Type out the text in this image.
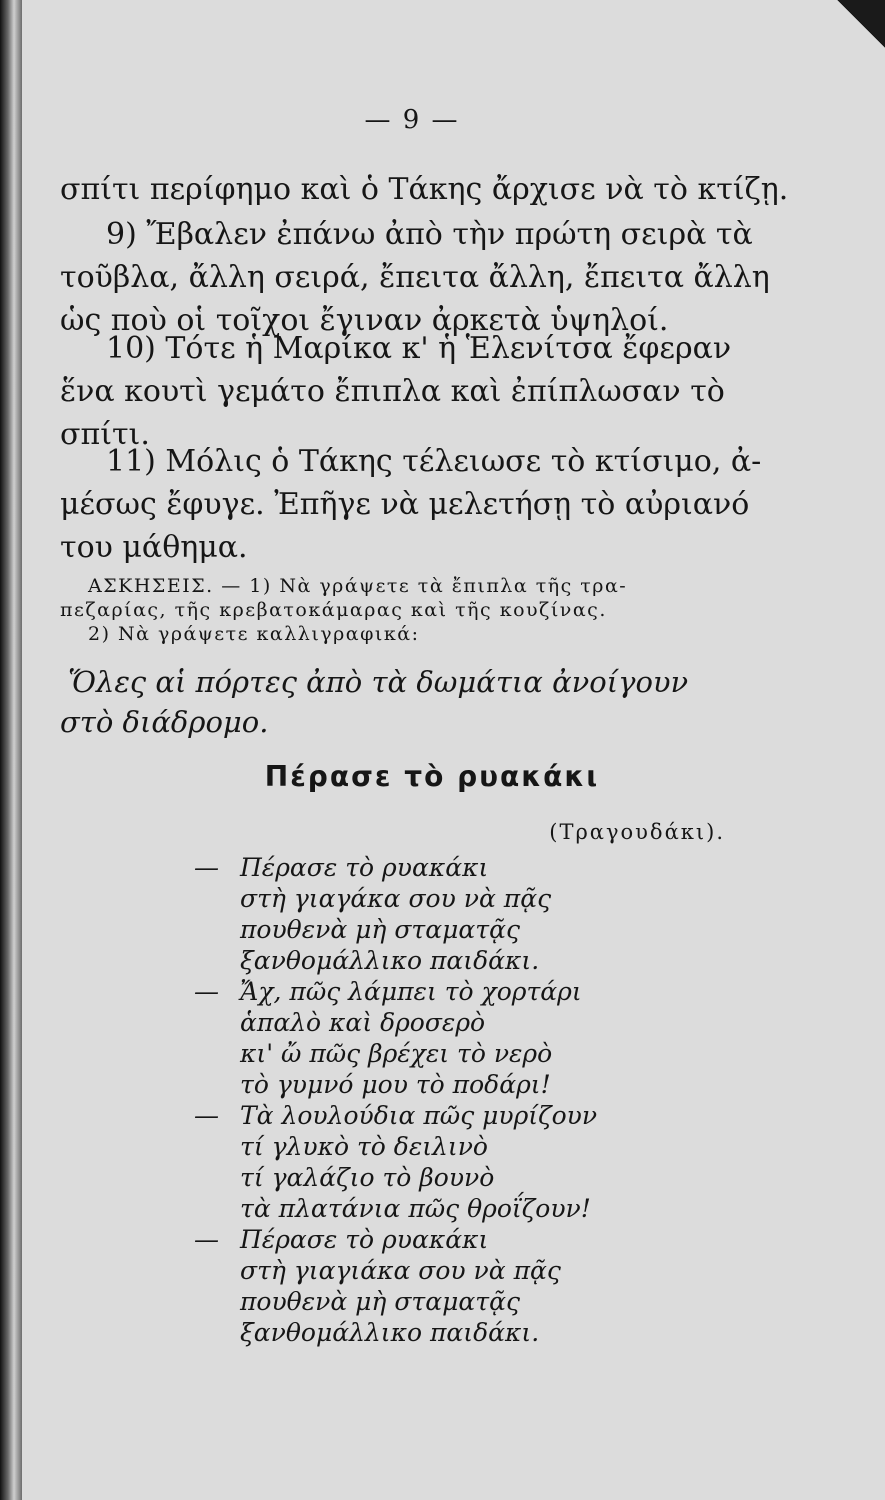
— 9 —
σπίτι περίφημο καὶ ὁ Τάκης ἄρχισε νὰ τὸ κτίζῃ.
9) Ἔβαλεν ἐπάνω ἀπὸ τὴν πρώτη σειρὰ τὰ
τοῦβλα, ἄλλη σειρά, ἔπειτα ἄλλη, ἔπειτα ἄλλη
ὡς ποὺ οἱ τοῖχοι ἔγιναν ἀρκετὰ ὑψηλοί.
10) Τότε ἡ Μαρίκα κ' ἡ Ἑλενίτσα ἔφεραν
ἕνα κουτὶ γεμάτο ἔπιπλα καὶ ἐπίπλωσαν τὸ
σπίτι.
11) Μόλις ὁ Τάκης τέλειωσε τὸ κτίσιμο, ἀ-
μέσως ἔφυγε. Ἐπῆγε νὰ μελετήσῃ τὸ αὐριανό
του μάθημα.
ΑΣΚΗΣΕΙΣ. — 1) Νὰ γράψετε τὰ ἔπιπλα τῆς τρα-
πεζαρίας, τῆς κρεβατοκάμαρας καὶ τῆς κουζίνας.
2) Νὰ γράψετε καλλιγραφικά:
Ὅλες αἱ πόρτες ἀπὸ τὰ δωμάτια ἀνοίγουν
στὸ διάδρομο.
Πέρασε τὸ ρυακάκι
(Τραγουδάκι).
— Πέρασε τὸ ρυακάκι
στὴ γιαγάκα σου νὰ πᾷς
πουθενὰ μὴ σταματᾷς
ξανθομάλλικο παιδάκι.
— Ἄχ, πῶς λάμπει τὸ χορτάρι
ἁπαλὸ καὶ δροσερὸ
κι' ὤ πῶς βρέχει τὸ νερὸ
τὸ γυμνό μου τὸ ποδάρι!
— Τὰ λουλούδια πῶς μυρίζουν
τί γλυκὸ τὸ δειλινὸ
τί γαλάζιο τὸ βουνὸ
τὰ πλατάνια πῶς θροΐζουν!
— Πέρασε τὸ ρυακάκι
στὴ γιαγιάκα σου νὰ πᾷς
πουθενὰ μὴ σταματᾷς
ξανθομάλλικο παιδάκι.
